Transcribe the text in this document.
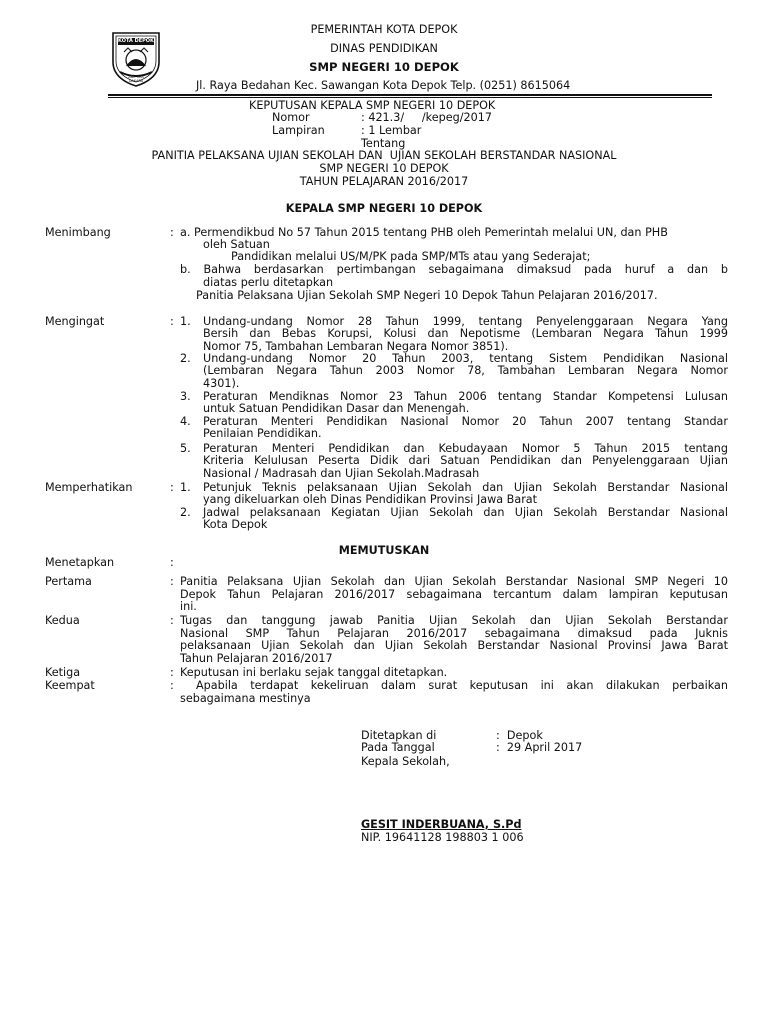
KOTA DEPOK
ADIPURA DAKARA
PEMERINTAH KOTA DEPOK
DINAS PENDIDIKAN
SMP NEGERI 10 DEPOK
Jl. Raya Bedahan Kec. Sawangan Kota Depok Telp. (0251) 8615064
KEPUTUSAN KEPALA SMP NEGERI 10 DEPOK
Nomor	: 421.3/     /kepeg/2017
Lampiran	: 1 Lembar
Tentang
PANITIA PELAKSANA UJIAN SEKOLAH DAN  UJIAN SEKOLAH BERSTANDAR NASIONAL
SMP NEGERI 10 DEPOK
TAHUN PELAJARAN 2016/2017
KEPALA SMP NEGERI 10 DEPOK
Menimbang	: a. Permendikbud No 57 Tahun 2015 tentang PHB oleh Pemerintah melalui UN, dan PHB
oleh Satuan
Pandidikan melalui US/M/PK pada SMP/MTs atau yang Sederajat;
b. Bahwa berdasarkan pertimbangan sebagaimana dimaksud pada huruf a dan b
diatas perlu ditetapkan
Panitia Pelaksana Ujian Sekolah SMP Negeri 10 Depok Tahun Pelajaran 2016/2017.
Mengingat	: 1. Undang-undang Nomor 28 Tahun 1999, tentang Penyelenggaraan Negara Yang
Bersih dan Bebas Korupsi, Kolusi dan Nepotisme (Lembaran Negara Tahun 1999
Nomor 75, Tambahan Lembaran Negara Nomor 3851).
2. Undang-undang Nomor 20 Tahun 2003, tentang Sistem Pendidikan Nasional
(Lembaran Negara Tahun 2003 Nomor 78, Tambahan Lembaran Negara Nomor
4301).
3. Peraturan Mendiknas Nomor 23 Tahun 2006 tentang Standar Kompetensi Lulusan
untuk Satuan Pendidikan Dasar dan Menengah.
4. Peraturan Menteri Pendidikan Nasional Nomor 20 Tahun 2007 tentang Standar
Penilaian Pendidikan.
5. Peraturan Menteri Pendidikan dan Kebudayaan Nomor 5 Tahun 2015 tentang
Kriteria Kelulusan Peserta Didik dari Satuan Pendidikan dan Penyelenggaraan Ujian
Nasional / Madrasah dan Ujian Sekolah.Madrasah
Memperhatikan	: 1. Petunjuk Teknis pelaksanaan Ujian Sekolah dan Ujian Sekolah Berstandar Nasional
yang dikeluarkan oleh Dinas Pendidikan Provinsi Jawa Barat
2. Jadwal pelaksanaan Kegiatan Ujian Sekolah dan Ujian Sekolah Berstandar Nasional
Kota Depok
MEMUTUSKAN
Menetapkan	:
Pertama	: Panitia Pelaksana Ujian Sekolah dan Ujian Sekolah Berstandar Nasional SMP Negeri 10
Depok Tahun Pelajaran 2016/2017 sebagaimana tercantum dalam lampiran keputusan
ini.
Kedua	: Tugas dan tanggung jawab Panitia Ujian Sekolah dan Ujian Sekolah Berstandar
Nasional SMP Tahun Pelajaran 2016/2017 sebagaimana dimaksud pada Juknis
pelaksanaan Ujian Sekolah dan Ujian Sekolah Berstandar Nasional Provinsi Jawa Barat
Tahun Pelajaran 2016/2017
Ketiga	: Keputusan ini berlaku sejak tanggal ditetapkan.
Keempat	: Apabila terdapat kekeliruan dalam surat keputusan ini akan dilakukan perbaikan
sebagaimana mestinya
Ditetapkan di	:  Depok
Pada Tanggal	:  29 April 2017
Kepala Sekolah,
GESIT INDERBUANA, S.Pd
NIP. 19641128 198803 1 006
